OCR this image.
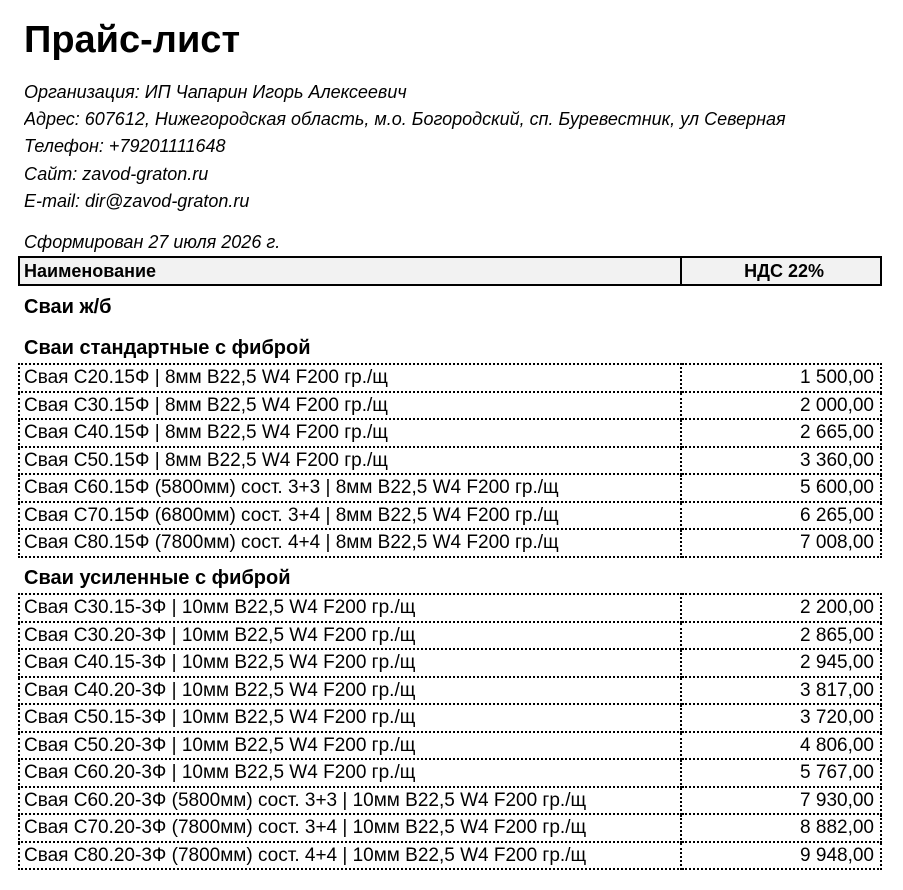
Прайс-лист
Организация: ИП Чапарин Игорь Алексеевич
Адрес: 607612, Нижегородская область, м.о. Богородский, сп. Буревестник, ул Северная
Телефон: +79201111648
Сайт: zavod-graton.ru
E-mail: dir@zavod-graton.ru
Сформирован 27 июля 2026 г.
Наименование	НДС 22%
Сваи ж/б
Сваи стандартные с фиброй
Свая С20.15Ф | 8мм B22,5 W4 F200 гр./щ	1 500,00
Свая С30.15Ф | 8мм B22,5 W4 F200 гр./щ	2 000,00
Свая С40.15Ф | 8мм B22,5 W4 F200 гр./щ	2 665,00
Свая С50.15Ф | 8мм B22,5 W4 F200 гр./щ	3 360,00
Свая С60.15Ф (5800мм) сост. 3+3 | 8мм B22,5 W4 F200 гр./щ	5 600,00
Свая С70.15Ф (6800мм) сост. 3+4 | 8мм B22,5 W4 F200 гр./щ	6 265,00
Свая С80.15Ф (7800мм) сост. 4+4 | 8мм B22,5 W4 F200 гр./щ	7 008,00
Сваи усиленные с фиброй
Свая С30.15-3Ф | 10мм B22,5 W4 F200 гр./щ	2 200,00
Свая С30.20-3Ф | 10мм B22,5 W4 F200 гр./щ	2 865,00
Свая С40.15-3Ф | 10мм B22,5 W4 F200 гр./щ	2 945,00
Свая С40.20-3Ф | 10мм B22,5 W4 F200 гр./щ	3 817,00
Свая С50.15-3Ф | 10мм B22,5 W4 F200 гр./щ	3 720,00
Свая С50.20-3Ф | 10мм B22,5 W4 F200 гр./щ	4 806,00
Свая С60.20-3Ф | 10мм B22,5 W4 F200 гр./щ	5 767,00
Свая С60.20-3Ф (5800мм) сост. 3+3 | 10мм B22,5 W4 F200 гр./щ	7 930,00
Свая С70.20-3Ф (7800мм) сост. 3+4 | 10мм B22,5 W4 F200 гр./щ	8 882,00
Свая С80.20-3Ф (7800мм) сост. 4+4 | 10мм B22,5 W4 F200 гр./щ	9 948,00
